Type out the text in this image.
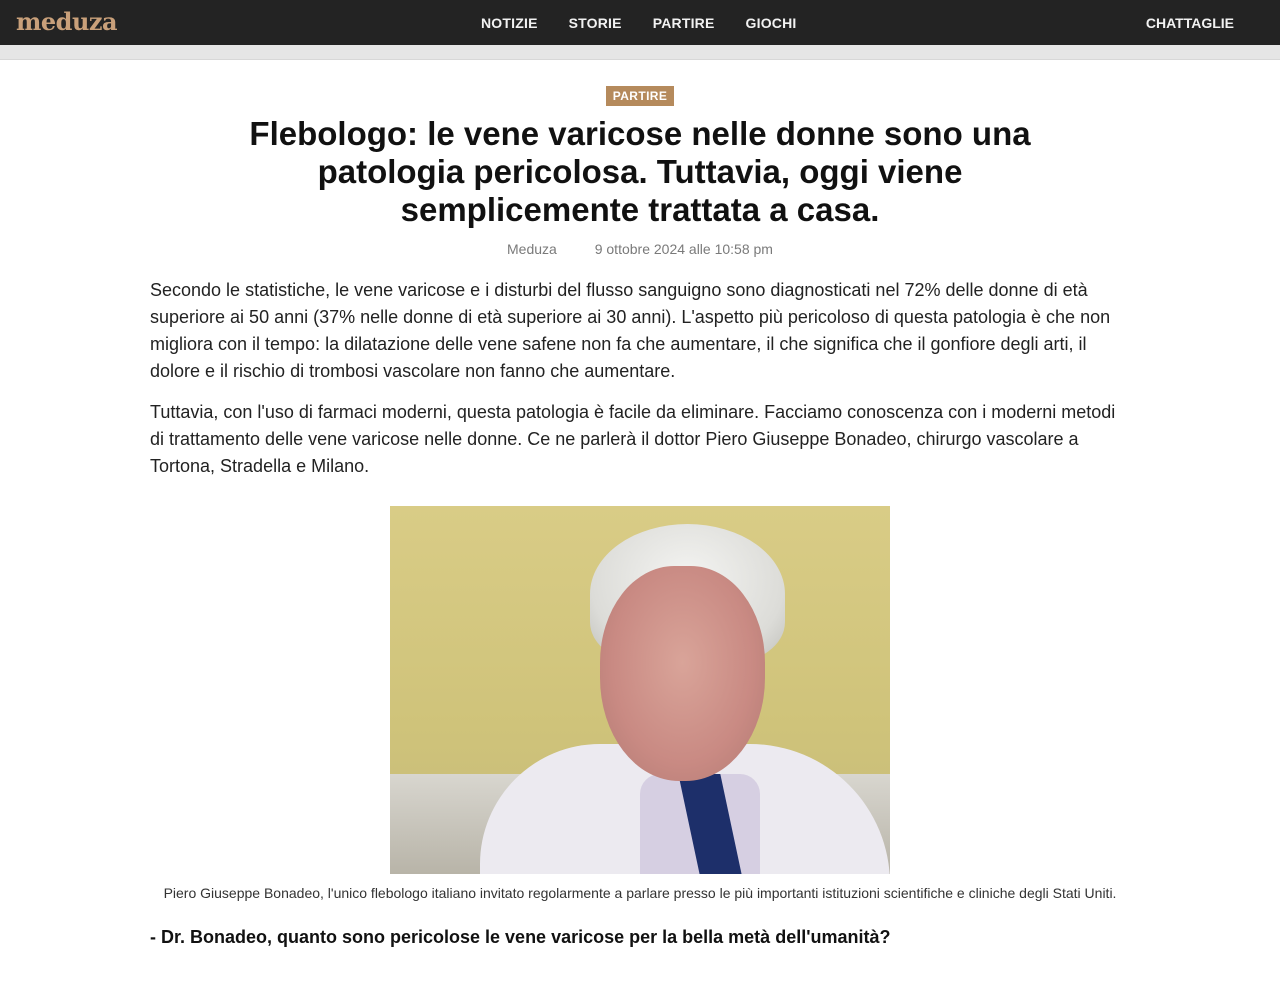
meduza	NOTIZIE STORIE PARTIRE GIOCHI	CHATTAGLIE
PARTIRE
Flebologo: le vene varicose nelle donne sono una patologia pericolosa. Tuttavia, oggi viene semplicemente trattata a casa.
Meduza	9 ottobre 2024 alle 10:58 pm

Secondo le statistiche, le vene varicose e i disturbi del flusso sanguigno sono diagnosticati nel 72% delle donne di età superiore ai 50 anni (37% nelle donne di età superiore ai 30 anni). L'aspetto più pericoloso di questa patologia è che non migliora con il tempo: la dilatazione delle vene safene non fa che aumentare, il che significa che il gonfiore degli arti, il dolore e il rischio di trombosi vascolare non fanno che aumentare.

Tuttavia, con l'uso di farmaci moderni, questa patologia è facile da eliminare. Facciamo conoscenza con i moderni metodi di trattamento delle vene varicose nelle donne. Ce ne parlerà il dottor Piero Giuseppe Bonadeo, chirurgo vascolare a Tortona, Stradella e Milano.

Piero Giuseppe Bonadeo, l'unico flebologo italiano invitato regolarmente a parlare presso le più importanti istituzioni scientifiche e cliniche degli Stati Uniti.
- Dr. Bonadeo, quanto sono pericolose le vene varicose per la bella metà dell'umanità?
